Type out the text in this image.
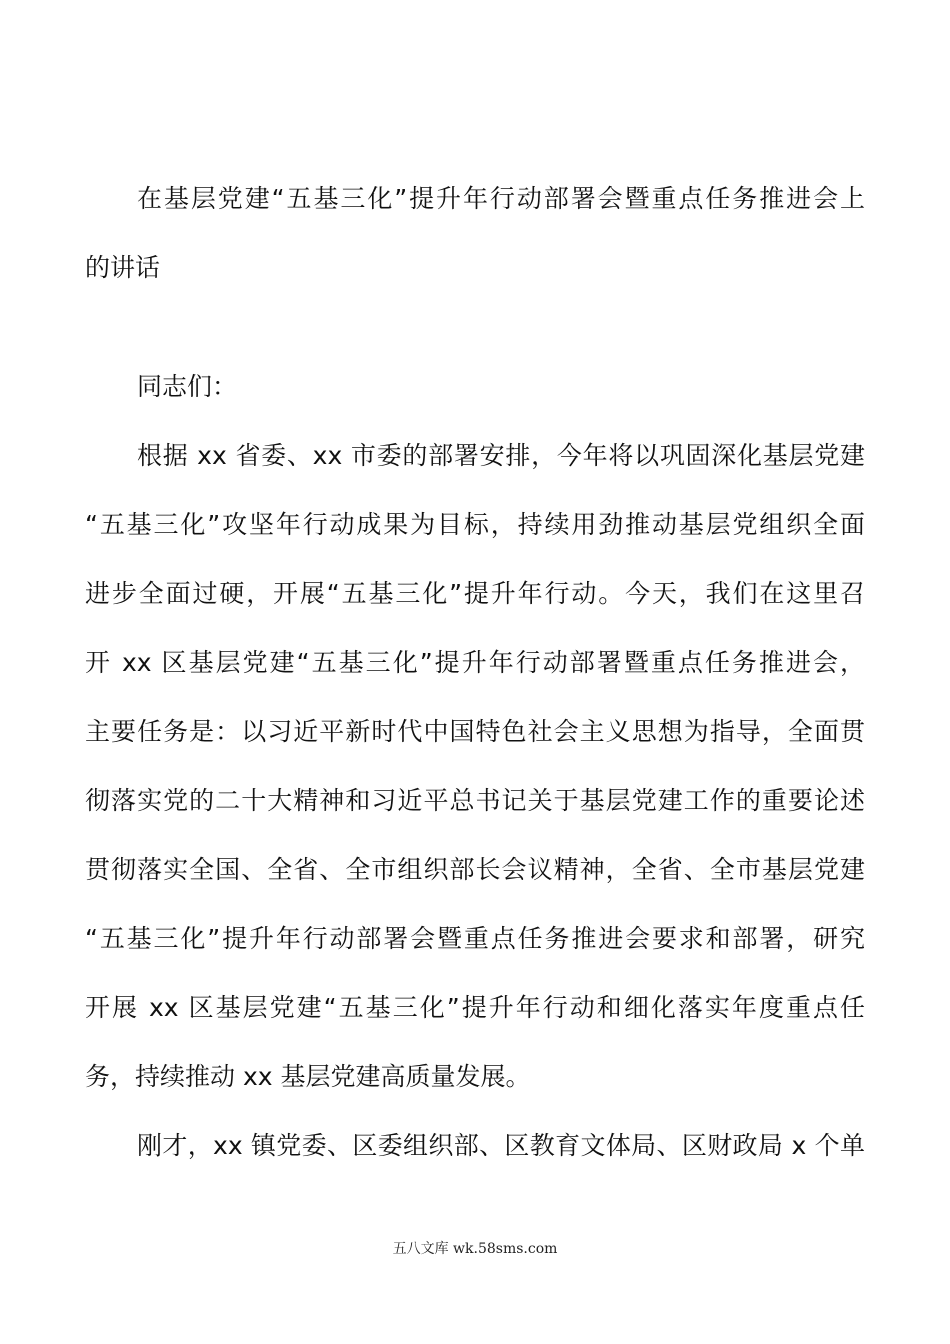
在基层党建“五基三化”提升年行动部署会暨重点任务推进会上
的讲话
同志们：
根据 xx 省委、xx 市委的部署安排，今年将以巩固深化基层党建
“五基三化”攻坚年行动成果为目标，持续用劲推动基层党组织全面
进步全面过硬，开展“五基三化”提升年行动。今天，我们在这里召
开 xx 区基层党建“五基三化”提升年行动部署暨重点任务推进会，
主要任务是：以习近平新时代中国特色社会主义思想为指导，全面贯
彻落实党的二十大精神和习近平总书记关于基层党建工作的重要论述
贯彻落实全国、全省、全市组织部长会议精神，全省、全市基层党建
“五基三化”提升年行动部署会暨重点任务推进会要求和部署，研究
开展 xx 区基层党建“五基三化”提升年行动和细化落实年度重点任
务，持续推动 xx 基层党建高质量发展。
刚才，xx 镇党委、区委组织部、区教育文体局、区财政局 x 个单
五八文库 wk.58sms.com
